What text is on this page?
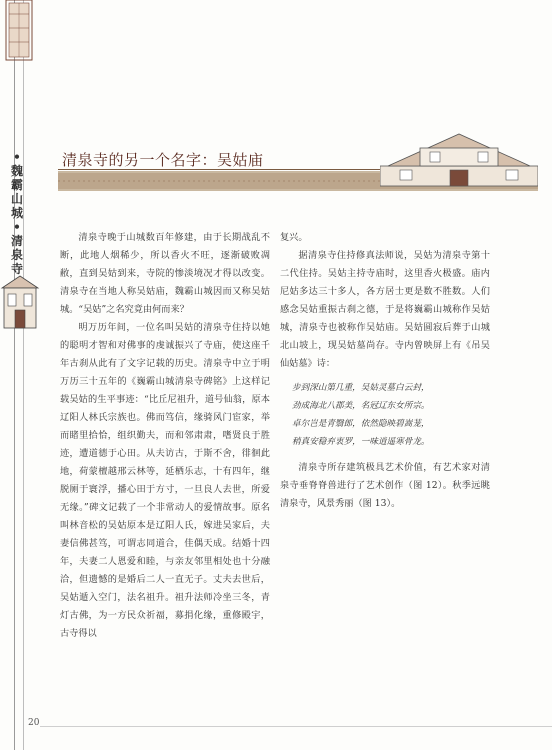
•
魏
霸
山
城
•
清
泉
寺
清泉寺的另一个名字：吴姑庙

清泉寺晚于山城数百年修建，由于长期战乱不断，此地人烟稀少，所以香火不旺，逐渐破败凋敝，直到吴姑到来，寺院的惨淡境况才得以改变。清泉寺在当地人称吴姑庙，魏霸山城因而又称吴姑城。“吴姑”之名究竟由何而来？

明万历年间，一位名叫吴姑的清泉寺住持以她的聪明才智和对佛事的虔诚振兴了寺庙，使这座千年古刹从此有了文字记载的历史。清泉寺中立于明万历三十五年的《巍霸山城清泉寺碑铭》上这样记载吴姑的生平事迹：“比丘尼祖升，道号仙翁，原本辽阳人林氏宗族也。佛而笃信，缘骑风门宦家，举而睹里拾恰，组织勤夫，而和邻肃肃，嗜贤良于胜迹，遭道德于心田。从夫访古，于斯不舍，徘徊此地，荷蒙檀越邢云林等，延栖乐志，十有四年，继脱厕于寰浮，播心田于方寸，一旦良人去世，所爱无缘。”碑文记载了一个非常动人的爱情故事。原名叫林音松的吴姑原本是辽阳人氏，嫁进吴家后，夫妻信佛甚笃，可谓志同道合，佳偶天成。结婚十四年，夫妻二人恩爱和睦，与亲友邻里相处也十分融洽，但遗憾的是婚后二人一直无子。丈夫去世后，吴姑遁入空门，法名祖升。祖升法师冷坐三冬，青灯古佛，为一方民众祈福，募捐化缘，重修殿宇，古寺得以

复兴。

据清泉寺住持修真法师说，吴姑为清泉寺第十二代住持。吴姑主持寺庙时，这里香火极盛。庙内尼姑多达三十多人，各方居士更是数不胜数。人们感念吴姑重振古刹之德，于是将巍霸山城称作吴姑城，清泉寺也被称作吴姑庙。吴姑圆寂后葬于山城北山坡上，现吴姑墓尚存。寺内曾映屏上有《吊吴仙姑墓》诗：

步到深山第几重，吴姑灵墓白云封，
劲成海北八郡美，名冠辽东女所宗。
卓尔岂是青翳郎，依然隐映碧嵩茏，
稍真安稳弃衷罗，一味逍遥寒骨龙。

清泉寺所存建筑极具艺术价值，有艺术家对清泉寺垂脊脊兽进行了艺术创作（图 12）。秋季远眺清泉寺，风景秀丽（图 13）。

20
